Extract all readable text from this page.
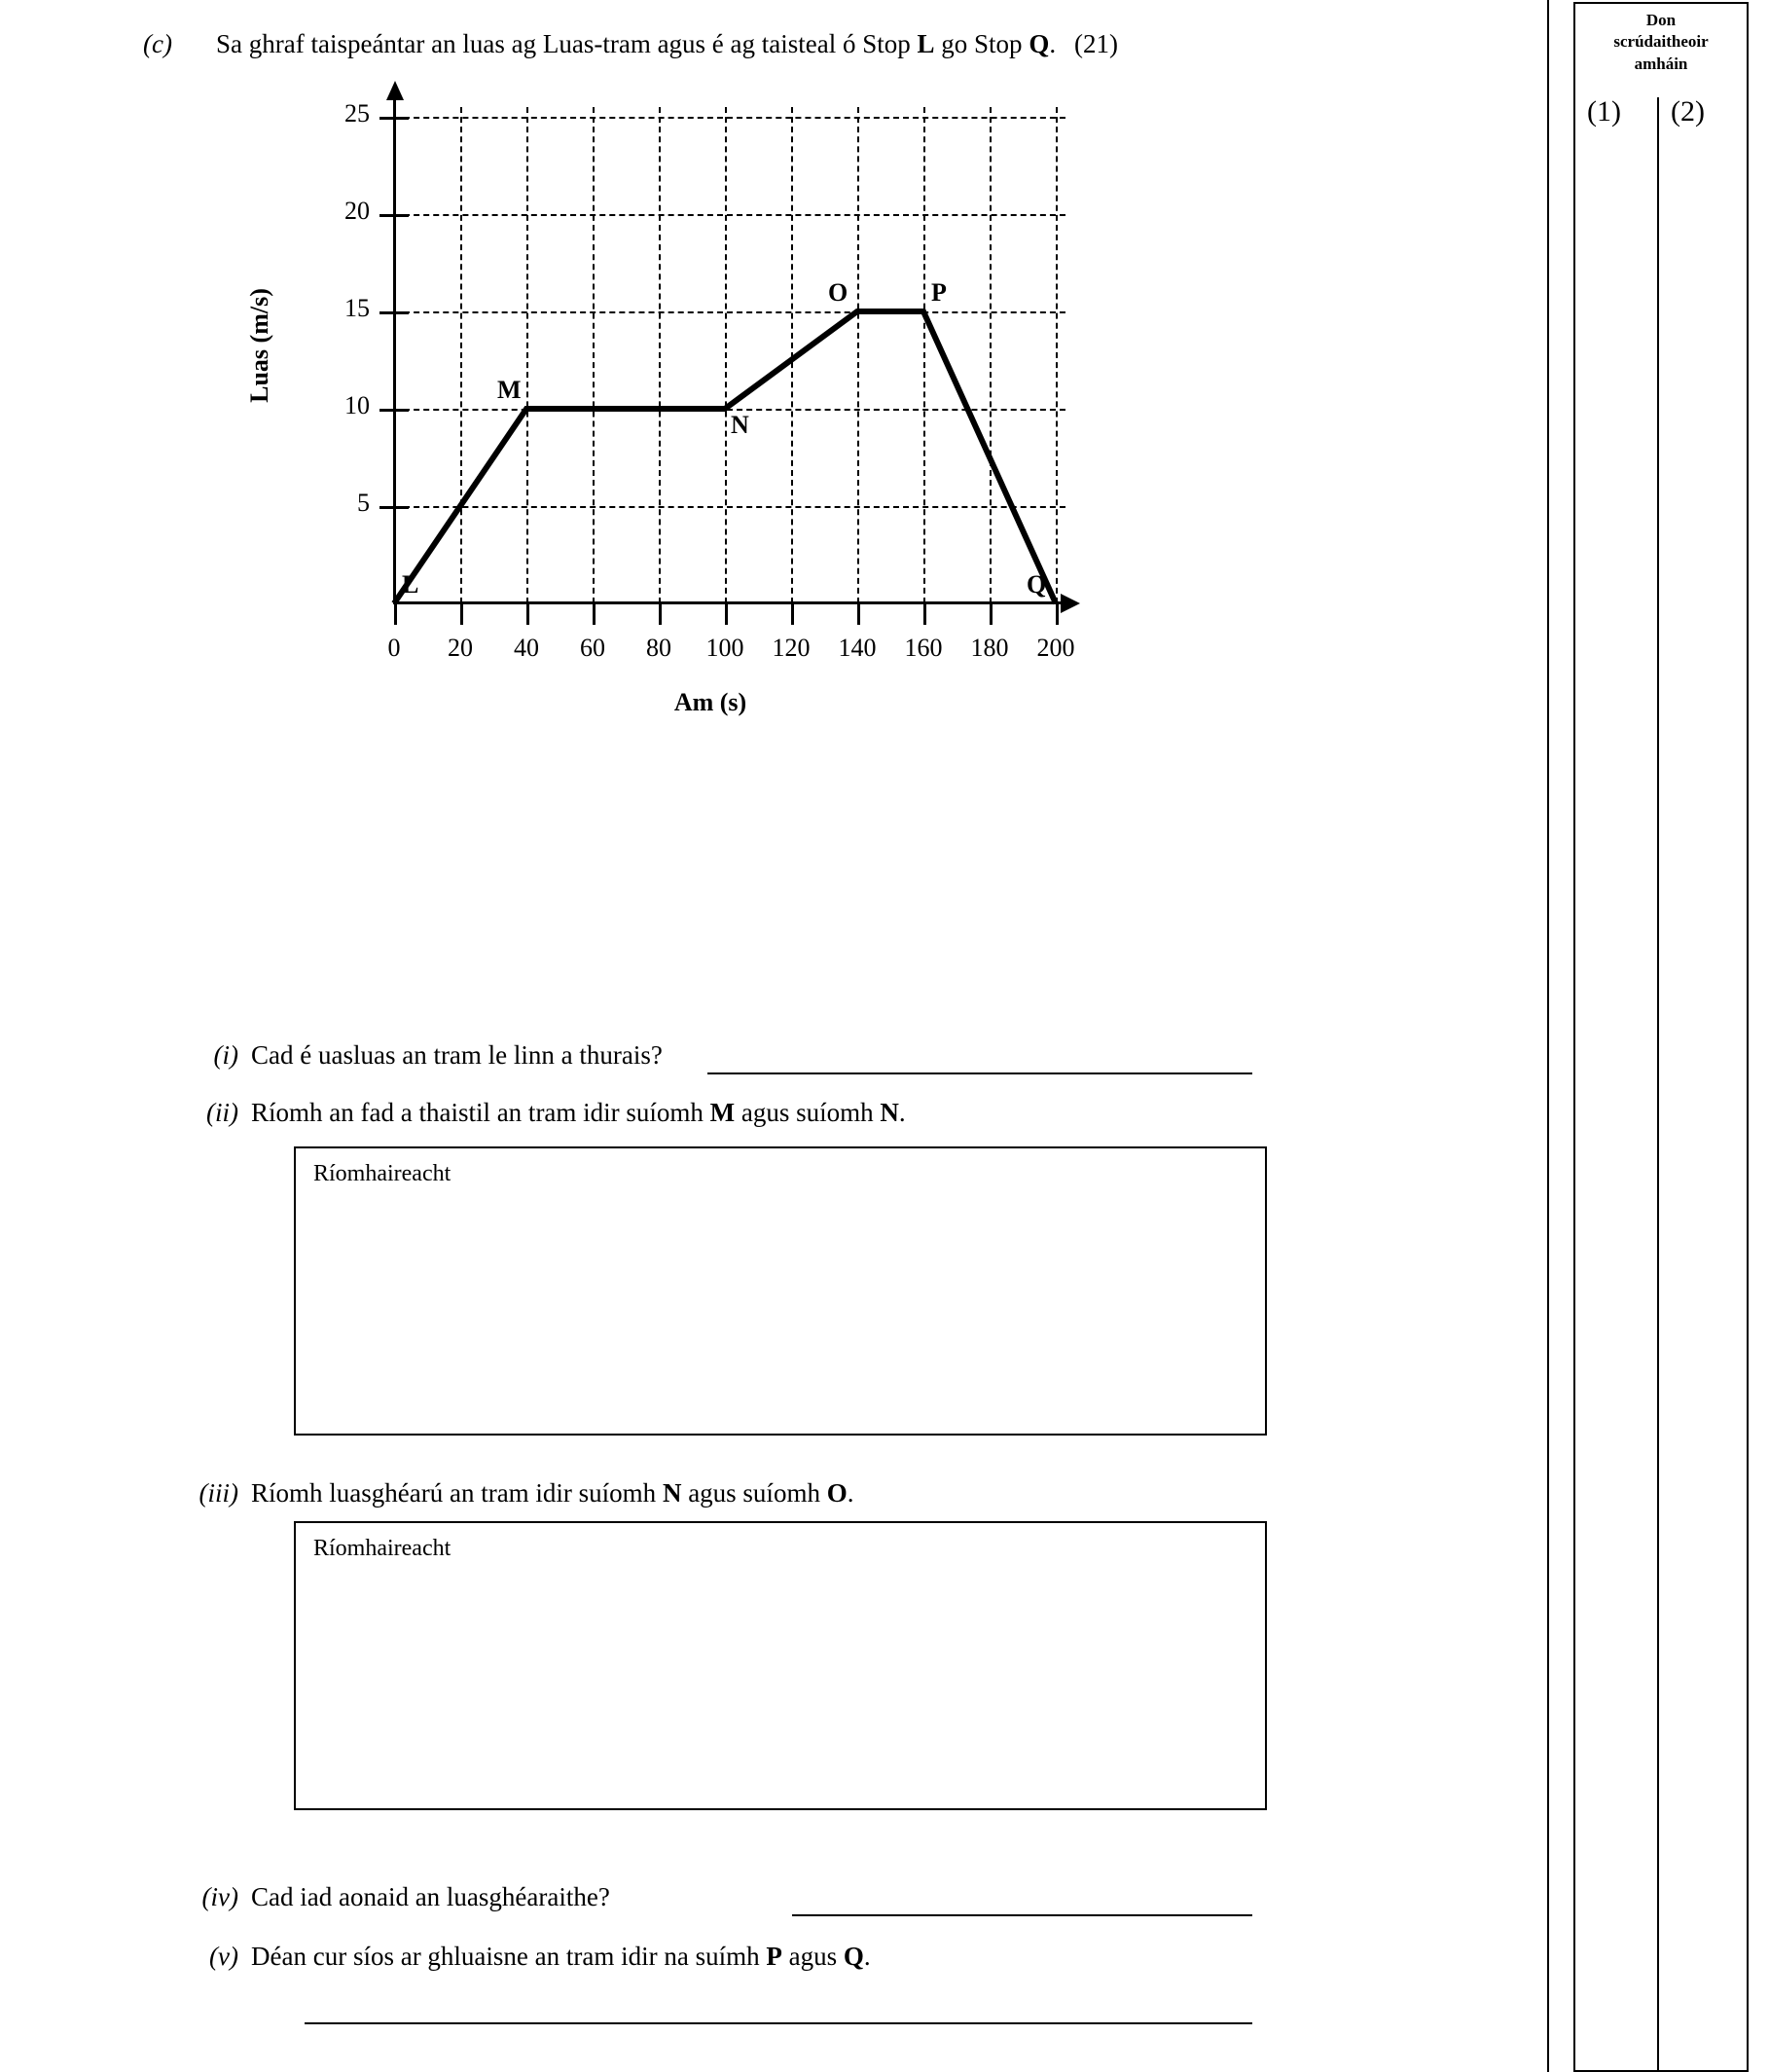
Don
scrúdaitheoir
amháin
(1) (2)
(c) Sa ghraf taispeántar an luas ag Luas-tram agus é ag taisteal ó Stop L go Stop Q. (21)
Luas (m/s)
Am (s)
5
10
15
20
25
0	20	40	60	80	100	120	140	160	180	200
L
M
N
O	P
Q
(i) Cad é uasluas an tram le linn a thurais?
(ii) Ríomh an fad a thaistil an tram idir suíomh M agus suíomh N.
Ríomhaireacht
(iii) Ríomh luasghéarú an tram idir suíomh N agus suíomh O.
Ríomhaireacht
(iv) Cad iad aonaid an luasghéaraithe?
(v) Déan cur síos ar ghluaisne an tram idir na suímh P agus Q.
